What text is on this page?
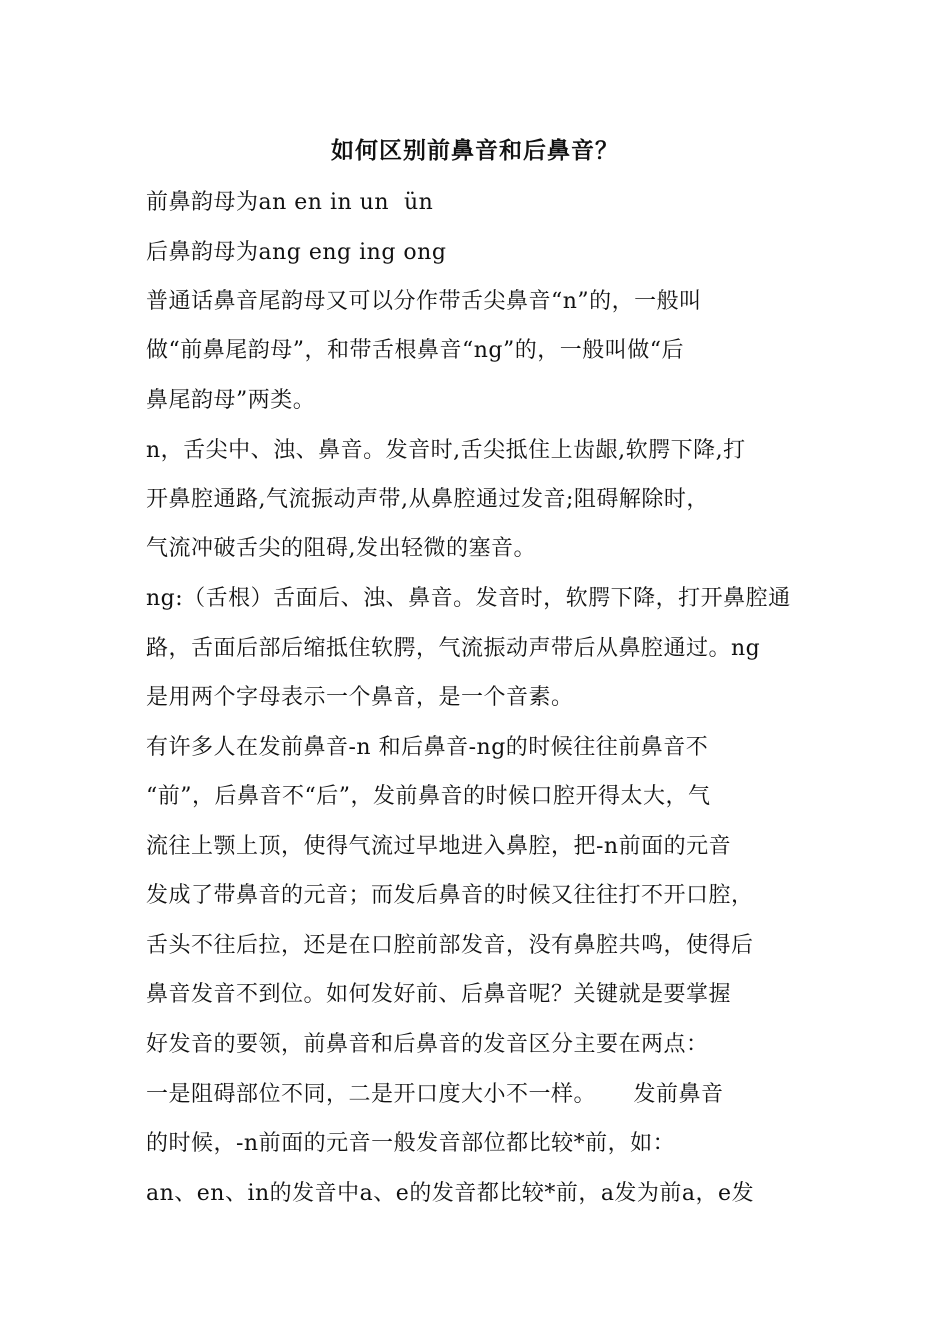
如何区别前鼻音和后鼻音？
前鼻韵母为an en in un  ün
后鼻韵母为ang eng ing ong
普通话鼻音尾韵母又可以分作带舌尖鼻音“n”的，一般叫
做“前鼻尾韵母”，和带舌根鼻音“ng”的，一般叫做“后
鼻尾韵母”两类。
n，舌尖中、浊、鼻音。发音时,舌尖抵住上齿龈,软腭下降,打
开鼻腔通路,气流振动声带,从鼻腔通过发音;阻碍解除时，
气流冲破舌尖的阻碍,发出轻微的塞音。
ng:（舌根）舌面后、浊、鼻音。发音时，软腭下降，打开鼻腔通
路，舌面后部后缩抵住软腭，气流振动声带后从鼻腔通过。ng
是用两个字母表示一个鼻音，是一个音素。
有许多人在发前鼻音-n 和后鼻音-ng的时候往往前鼻音不
“前”，后鼻音不“后”，发前鼻音的时候口腔开得太大，气
流往上颚上顶，使得气流过早地进入鼻腔，把-n前面的元音
发成了带鼻音的元音；而发后鼻音的时候又往往打不开口腔，
舌头不往后拉，还是在口腔前部发音，没有鼻腔共鸣，使得后
鼻音发音不到位。如何发好前、后鼻音呢？关键就是要掌握
好发音的要领，前鼻音和后鼻音的发音区分主要在两点：
一是阻碍部位不同，二是开口度大小不一样。     发前鼻音
的时候，-n前面的元音一般发音部位都比较*前，如：
an、en、in的发音中a、e的发音都比较*前，a发为前a，e发
